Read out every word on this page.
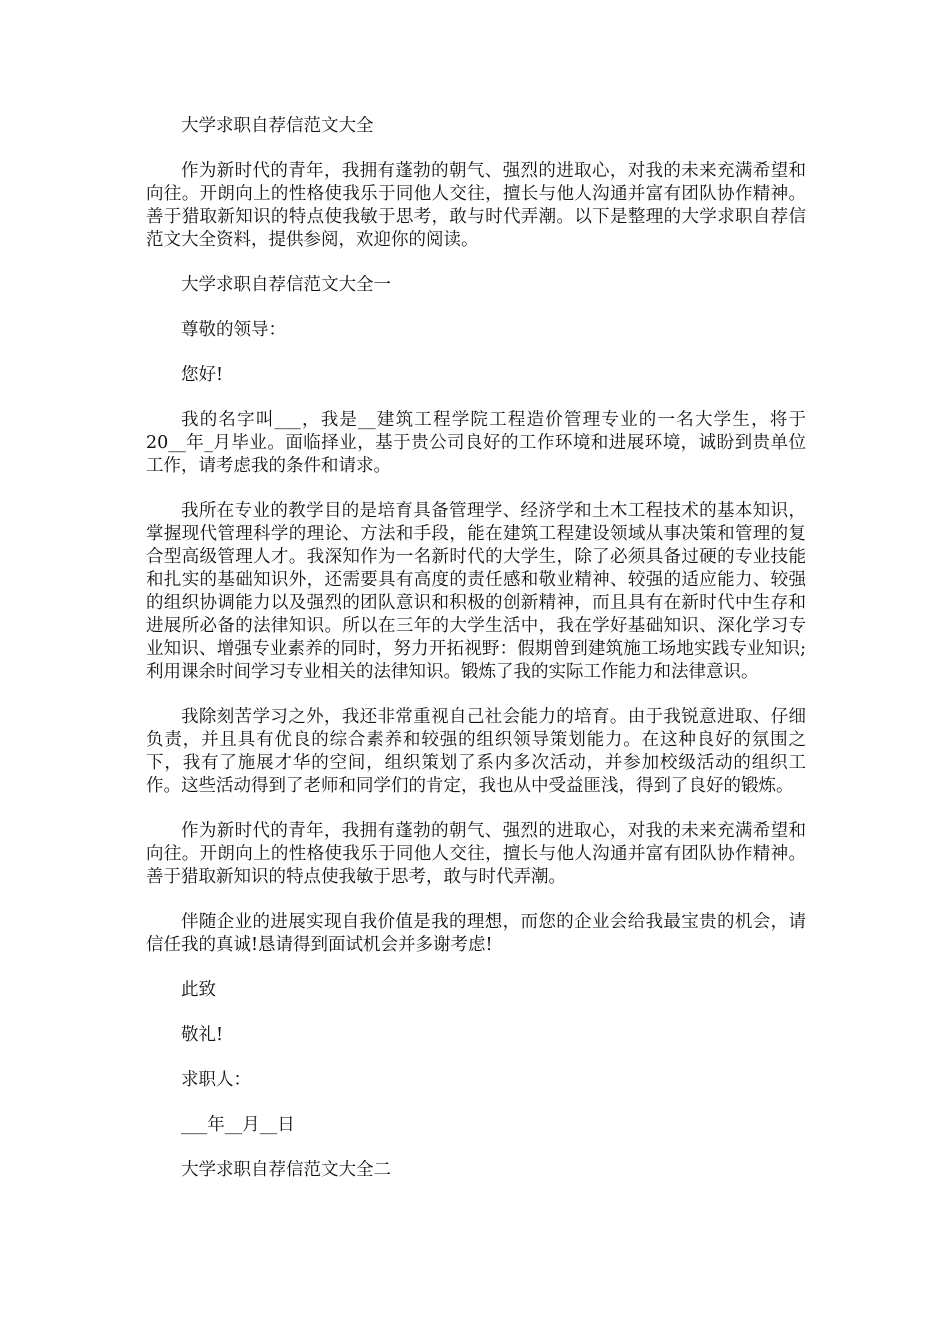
大学求职自荐信范文大全

作为新时代的青年，我拥有蓬勃的朝气、强烈的进取心，对我的未来充满希望和向往。开朗向上的性格使我乐于同他人交往，擅长与他人沟通并富有团队协作精神。善于猎取新知识的特点使我敏于思考，敢与时代弄潮。以下是整理的大学求职自荐信范文大全资料，提供参阅，欢迎你的阅读。

大学求职自荐信范文大全一

尊敬的领导：

您好!

我的名字叫___，我是__建筑工程学院工程造价管理专业的一名大学生，将于 20__年_月毕业。面临择业，基于贵公司良好的工作环境和进展环境，诚盼到贵单位工作，请考虑我的条件和请求。

我所在专业的教学目的是培育具备管理学、经济学和土木工程技术的基本知识，掌握现代管理科学的理论、方法和手段，能在建筑工程建设领域从事决策和管理的复合型高级管理人才。我深知作为一名新时代的大学生，除了必须具备过硬的专业技能和扎实的基础知识外，还需要具有高度的责任感和敬业精神、较强的适应能力、较强的组织协调能力以及强烈的团队意识和积极的创新精神，而且具有在新时代中生存和进展所必备的法律知识。所以在三年的大学生活中，我在学好基础知识、深化学习专业知识、增强专业素养的同时，努力开拓视野：假期曾到建筑施工场地实践专业知识;利用课余时间学习专业相关的法律知识。锻炼了我的实际工作能力和法律意识。

我除刻苦学习之外，我还非常重视自己社会能力的培育。由于我锐意进取、仔细负责，并且具有优良的综合素养和较强的组织领导策划能力。在这种良好的氛围之下，我有了施展才华的空间，组织策划了系内多次活动，并参加校级活动的组织工作。这些活动得到了老师和同学们的肯定，我也从中受益匪浅，得到了良好的锻炼。

作为新时代的青年，我拥有蓬勃的朝气、强烈的进取心，对我的未来充满希望和向往。开朗向上的性格使我乐于同他人交往，擅长与他人沟通并富有团队协作精神。善于猎取新知识的特点使我敏于思考，敢与时代弄潮。

伴随企业的进展实现自我价值是我的理想，而您的企业会给我最宝贵的机会，请信任我的真诚!恳请得到面试机会并多谢考虑!

此致

敬礼!

求职人：

___年__月__日

大学求职自荐信范文大全二
